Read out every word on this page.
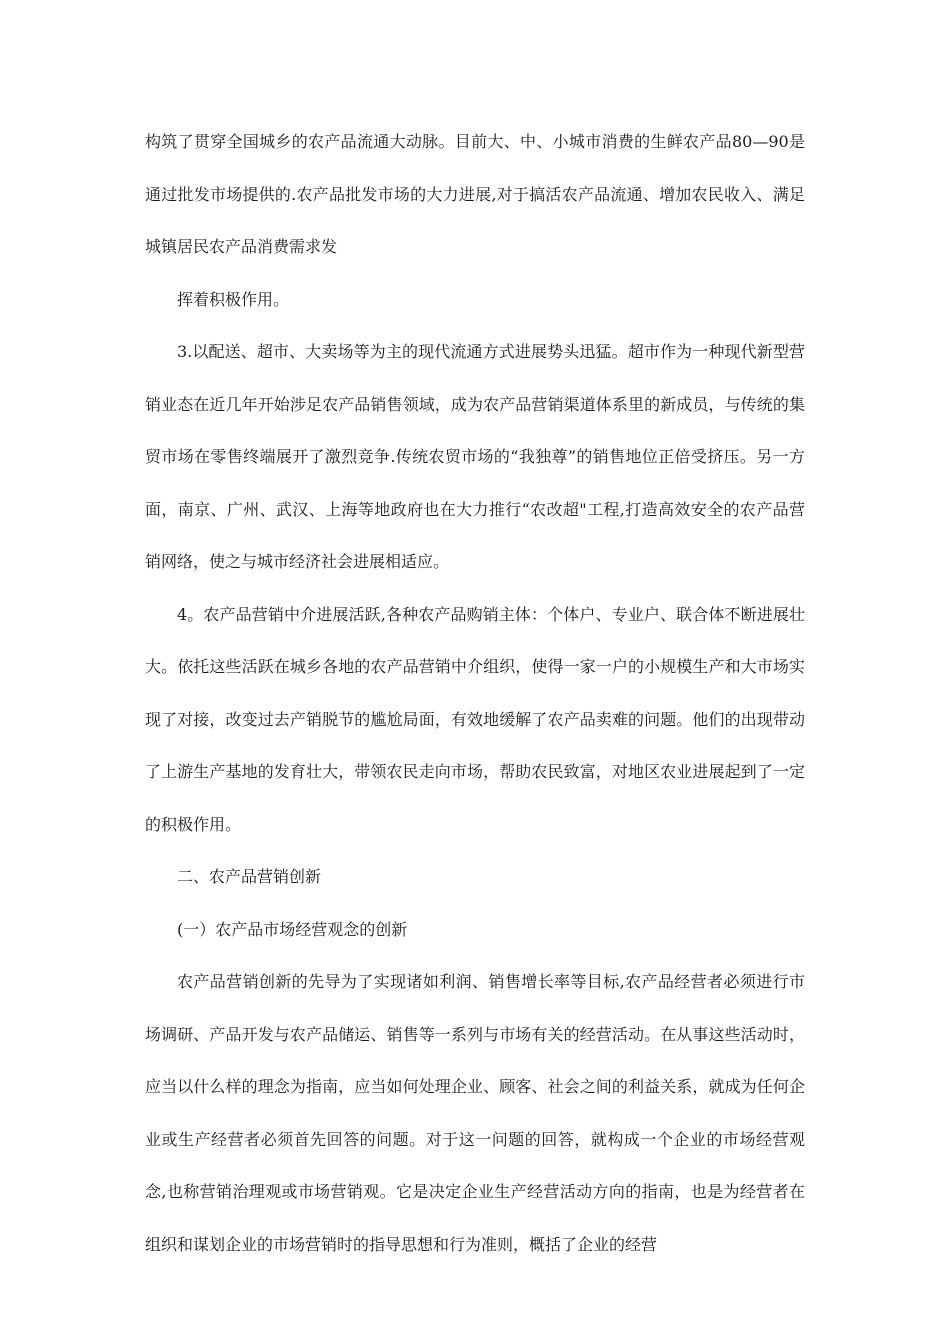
构筑了贯穿全国城乡的农产品流通大动脉。目前大、中、小城市消费的生鲜农产品80—90是通过批发市场提供的.农产品批发市场的大力进展,对于搞活农产品流通、增加农民收入、满足城镇居民农产品消费需求发

挥着积极作用。

3.以配送、超市、大卖场等为主的现代流通方式进展势头迅猛。超市作为一种现代新型营销业态在近几年开始涉足农产品销售领域，成为农产品营销渠道体系里的新成员，与传统的集贸市场在零售终端展开了激烈竞争.传统农贸市场的“我独尊”的销售地位正倍受挤压。另一方面，南京、广州、武汉、上海等地政府也在大力推行“农改超"工程,打造高效安全的农产品营销网络，使之与城市经济社会进展相适应。

4。农产品营销中介进展活跃,各种农产品购销主体：个体户、专业户、联合体不断进展壮大。依托这些活跃在城乡各地的农产品营销中介组织，使得一家一户的小规模生产和大市场实现了对接，改变过去产销脱节的尴尬局面，有效地缓解了农产品卖难的问题。他们的出现带动了上游生产基地的发育壮大，带领农民走向市场，帮助农民致富，对地区农业进展起到了一定的积极作用。

二、农产品营销创新

(一）农产品市场经营观念的创新

农产品营销创新的先导为了实现诸如利润、销售增长率等目标,农产品经营者必须进行市场调研、产品开发与农产品储运、销售等一系列与市场有关的经营活动。在从事这些活动时，应当以什么样的理念为指南，应当如何处理企业、顾客、社会之间的利益关系，就成为任何企业或生产经营者必须首先回答的问题。对于这一问题的回答，就构成一个企业的市场经营观念,也称营销治理观或市场营销观。它是决定企业生产经营活动方向的指南，也是为经营者在组织和谋划企业的市场营销时的指导思想和行为准则，概括了企业的经营
